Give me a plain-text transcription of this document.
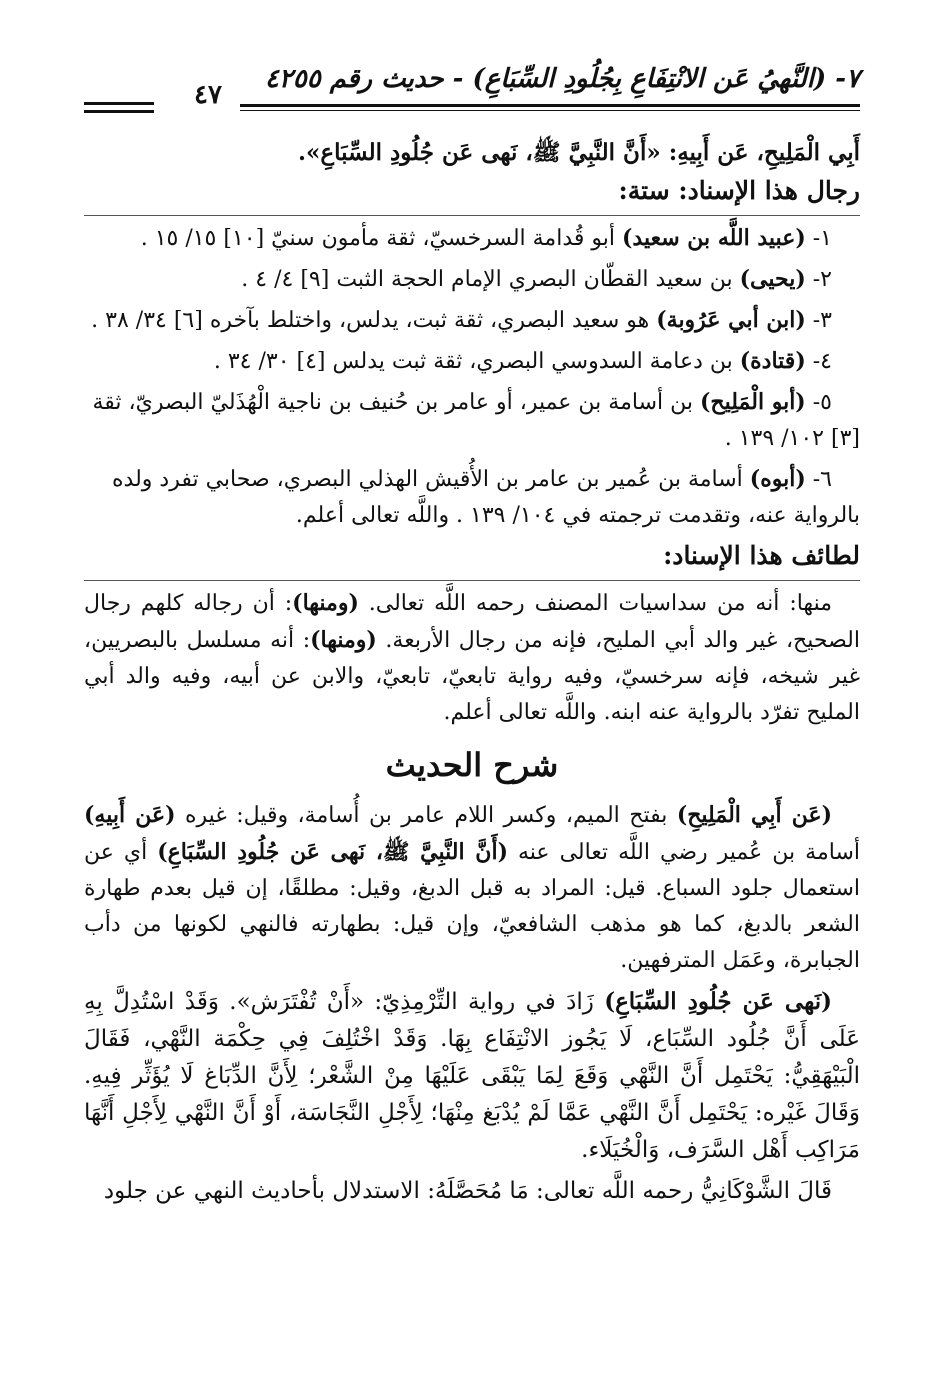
٧- (النَّهيُ عَن الانْتِفَاعِ بِجُلُودِ السِّبَاعِ) - حديث رقم ٤٢٥٥
٤٧

أَبِي الْمَلِيحِ، عَن أَبِيهِ: «أَنَّ النَّبِيَّ ﷺ، نَهى عَن جُلُودِ السِّبَاعِ».

رجال هذا الإسناد: ستة:

١- (عبيد اللَّه بن سعيد) أبو قُدامة السرخسيّ، ثقة مأمون سنيّ [١٠] ١٥/ ١٥ .

٢- (يحيى) بن سعيد القطّان البصري الإمام الحجة الثبت [٩] ٤/ ٤ .

٣- (ابن أبي عَرُوبة) هو سعيد البصري، ثقة ثبت، يدلس، واختلط بآخره [٦] ٣٤/ ٣٨ .

٤- (قتادة) بن دعامة السدوسي البصري، ثقة ثبت يدلس [٤] ٣٠/ ٣٤ .

٥- (أبو الْمَلِيح) بن أسامة بن عمير، أو عامر بن حُنيف بن ناجية الْهُذَليّ البصريّ، ثقة [٣] ١٠٢/ ١٣٩ .

٦- (أبوه) أسامة بن عُمير بن عامر بن الأُقيش الهذلي البصري، صحابي تفرد ولده بالرواية عنه، وتقدمت ترجمته في ١٠٤/ ١٣٩ . واللَّه تعالى أعلم.

لطائف هذا الإسناد:

منها: أنه من سداسيات المصنف رحمه اللَّه تعالى. (ومنها): أن رجاله كلهم رجال الصحيح، غير والد أبي المليح، فإنه من رجال الأربعة. (ومنها): أنه مسلسل بالبصريين، غير شيخه، فإنه سرخسيّ، وفيه رواية تابعيّ، تابعيّ، والابن عن أبيه، وفيه والد أبي المليح تفرّد بالرواية عنه ابنه. واللَّه تعالى أعلم.

شرح الحديث

(عَن أَبِي الْمَلِيحِ) بفتح الميم، وكسر اللام عامر بن أُسامة، وقيل: غيره (عَن أَبِيهِ) أسامة بن عُمير رضي اللَّه تعالى عنه (أَنَّ النَّبِيَّ ﷺ، نَهى عَن جُلُودِ السِّبَاعِ) أي عن استعمال جلود السباع. قيل: المراد به قبل الدبغ، وقيل: مطلقًا، إن قيل بعدم طهارة الشعر بالدبغ، كما هو مذهب الشافعيّ، وإن قيل: بطهارته فالنهي لكونها من دأب الجبابرة، وعَمَل المترفهين.

(نَهى عَن جُلُودِ السِّبَاعِ) زَادَ في رواية التِّرْمِذِيّ: «أَنْ تُفْتَرَش». وَقَدْ اسْتُدِلَّ بِهِ عَلَى أَنَّ جُلُود السِّبَاع، لَا يَجُوز الانْتِفَاع بِهَا. وَقَدْ اخْتُلِفَ فِي حِكْمَة النَّهْي، فَقَالَ الْبَيْهَقِيُّ: يَحْتَمِل أَنَّ النَّهْي وَقَعَ لِمَا يَبْقَى عَلَيْهَا مِنْ الشَّعْر؛ لِأَنَّ الدِّبَاغ لَا يُؤَثِّر فِيهِ. وَقَالَ غَيْره: يَحْتَمِل أَنَّ النَّهْي عَمَّا لَمْ يُدْبَغ مِنْهَا؛ لِأَجْلِ النَّجَاسَة، أَوْ أَنَّ النَّهْي لِأَجْلِ أَنَّهَا مَرَاكِب أَهْل السَّرَف، وَالْخُيَلَاء.

قَالَ الشَّوْكَانِيُّ رحمه اللَّه تعالى: مَا مُحَصَّلَهُ: الاستدلال بأحاديث النهي عن جلود
